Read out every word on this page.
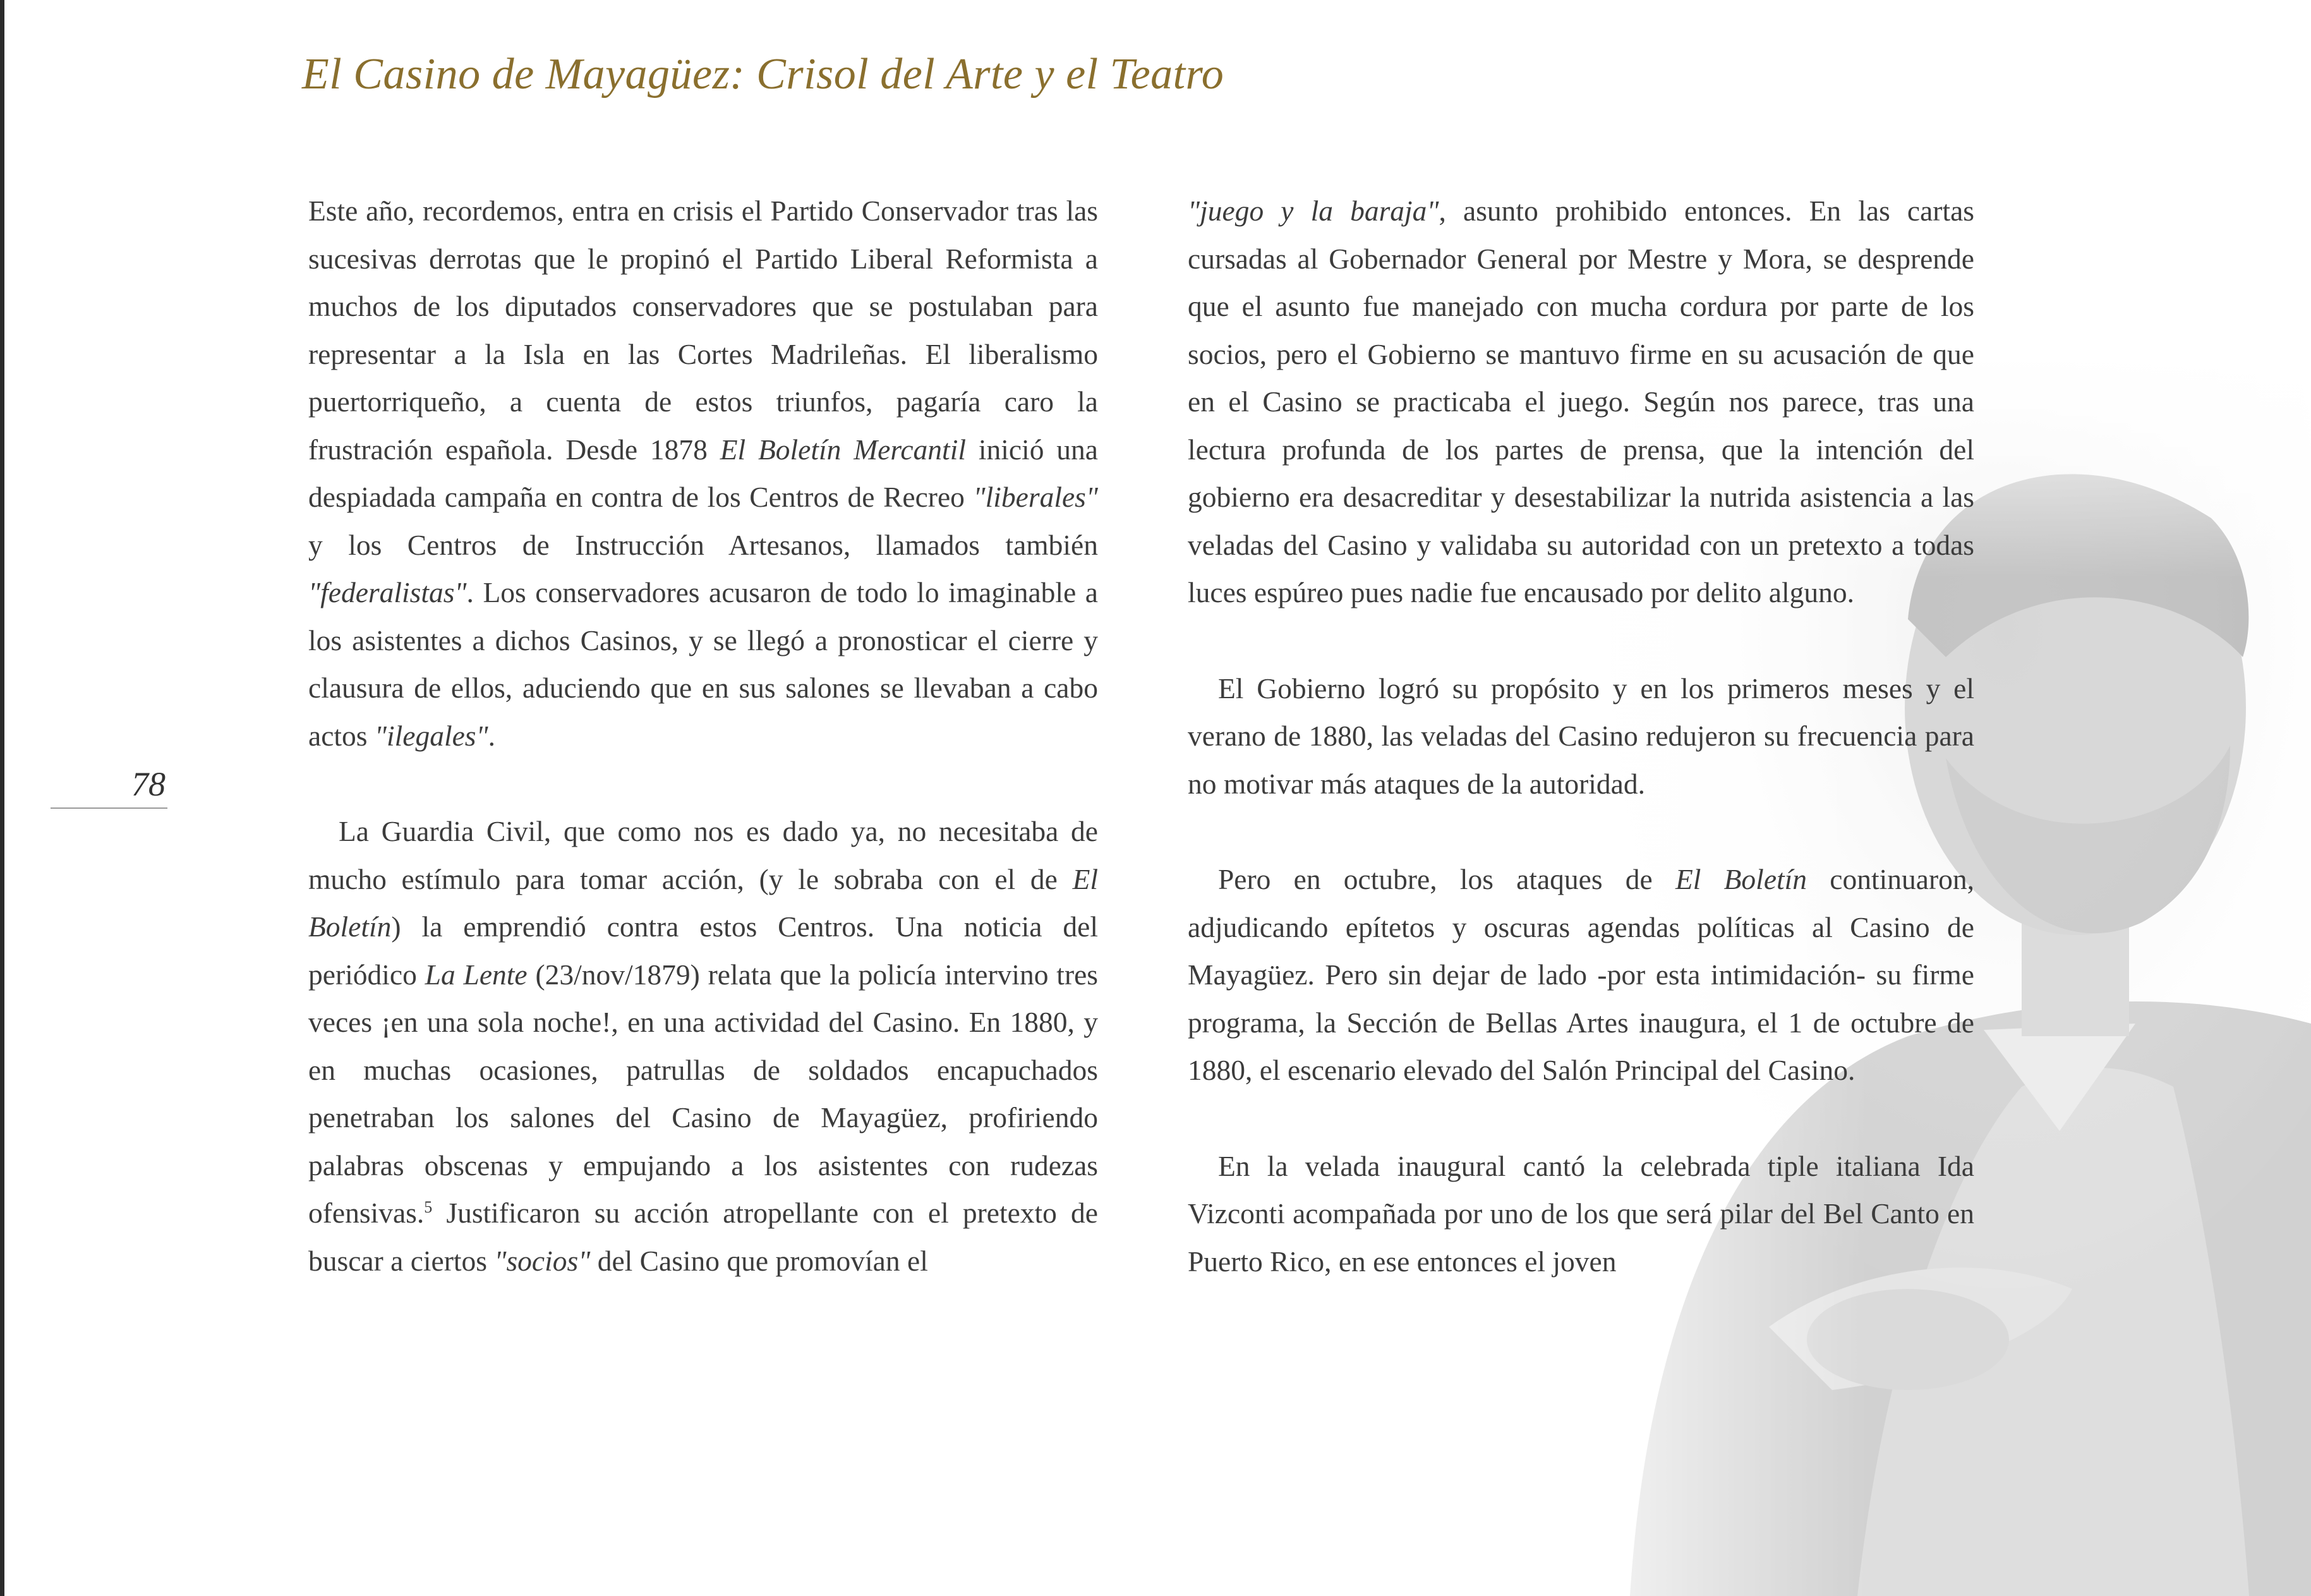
El Casino de Mayagüez: Crisol del Arte y el Teatro
78

Este año, recordemos, entra en crisis el Partido Conservador tras las sucesivas derrotas que le propinó el Partido Liberal Reformista a muchos de los diputados conservadores que se postulaban para representar a la Isla en las Cortes Madrileñas. El liberalismo puertorriqueño, a cuenta de estos triunfos, pagaría caro la frustración española. Desde 1878 El Boletín Mercantil inició una despiadada campaña en contra de los Centros de Recreo "liberales" y los Centros de Instrucción Artesanos, llamados también "federalistas". Los conservadores acusaron de todo lo imaginable a los asistentes a dichos Casinos, y se llegó a pronosticar el cierre y clausura de ellos, aduciendo que en sus salones se llevaban a cabo actos "ilegales".

La Guardia Civil, que como nos es dado ya, no necesitaba de mucho estímulo para tomar acción, (y le sobraba con el de El Boletín) la emprendió contra estos Centros. Una noticia del periódico La Lente (23/nov/1879) relata que la policía intervino tres veces ¡en una sola noche!, en una actividad del Casino. En 1880, y en muchas ocasiones, patrullas de soldados encapuchados penetraban los salones del Casino de Mayagüez, profiriendo palabras obscenas y empujando a los asistentes con rudezas ofensivas.$^5$ Justificaron su acción atropellante con el pretexto de buscar a ciertos "socios" del Casino que promovían el

"juego y la baraja", asunto prohibido entonces. En las cartas cursadas al Gobernador General por Mestre y Mora, se desprende que el asunto fue manejado con mucha cordura por parte de los socios, pero el Gobierno se mantuvo firme en su acusación de que en el Casino se practicaba el juego. Según nos parece, tras una lectura profunda de los partes de prensa, que la intención del gobierno era desacreditar y desestabilizar la nutrida asistencia a las veladas del Casino y validaba su autoridad con un pretexto a todas luces espúreo pues nadie fue encausado por delito alguno.

El Gobierno logró su propósito y en los primeros meses y el verano de 1880, las veladas del Casino redujeron su frecuencia para no motivar más ataques de la autoridad.

Pero en octubre, los ataques de El Boletín continuaron, adjudicando epítetos y oscuras agendas políticas al Casino de Mayagüez. Pero sin dejar de lado -por esta intimidación- su firme programa, la Sección de Bellas Artes inaugura, el 1 de octubre de 1880, el escenario elevado del Salón Principal del Casino.

En la velada inaugural cantó la celebrada tiple italiana Ida Vizconti acompañada por uno de los que será pilar del Bel Canto en Puerto Rico, en ese entonces el joven
